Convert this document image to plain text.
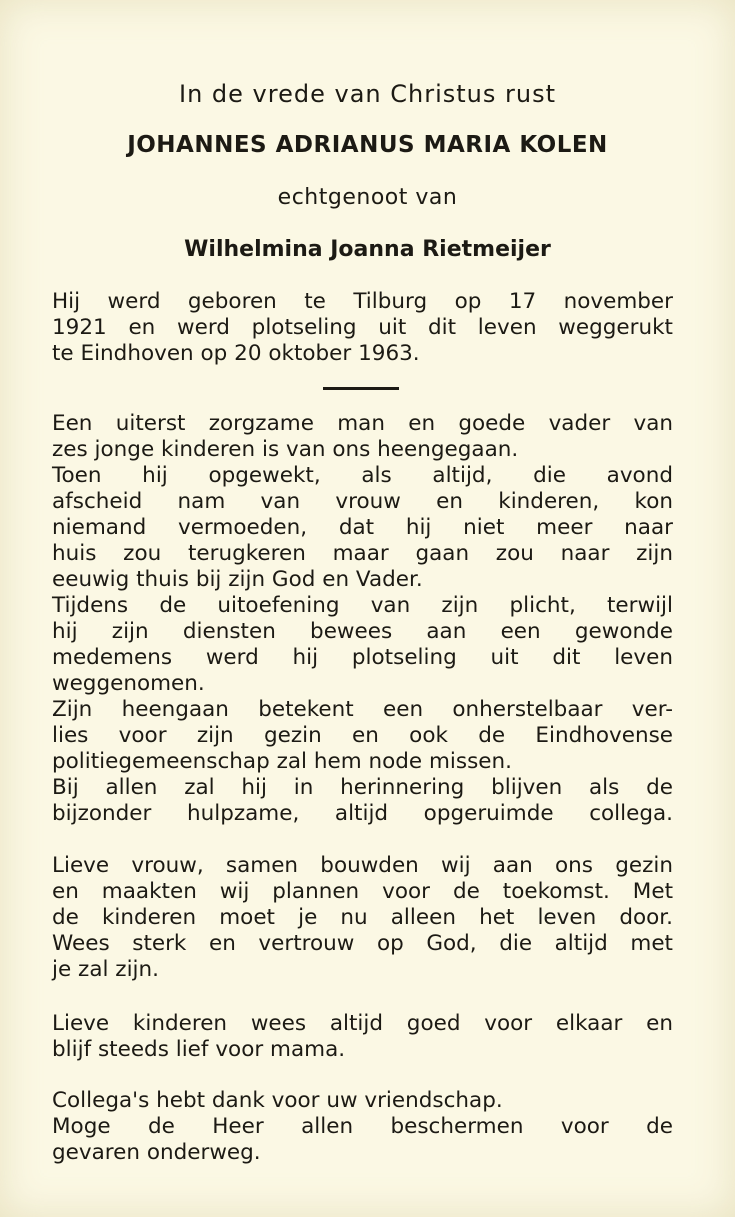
In de vrede van Christus rust
JOHANNES ADRIANUS MARIA KOLEN
echtgenoot van
Wilhelmina Joanna Rietmeijer
Hij werd geboren te Tilburg op 17 november
1921 en werd plotseling uit dit leven weggerukt
te Eindhoven op 20 oktober 1963.
Een uiterst zorgzame man en goede vader van
zes jonge kinderen is van ons heengegaan.
Toen hij opgewekt, als altijd, die avond
afscheid nam van vrouw en kinderen, kon
niemand vermoeden, dat hij niet meer naar
huis zou terugkeren maar gaan zou naar zijn
eeuwig thuis bij zijn God en Vader.
Tijdens de uitoefening van zijn plicht, terwijl
hij zijn diensten bewees aan een gewonde
medemens werd hij plotseling uit dit leven
weggenomen.
Zijn heengaan betekent een onherstelbaar ver-
lies voor zijn gezin en ook de Eindhovense
politiegemeenschap zal hem node missen.
Bij allen zal hij in herinnering blijven als de
bijzonder hulpzame, altijd opgeruimde collega.
Lieve vrouw, samen bouwden wij aan ons gezin
en maakten wij plannen voor de toekomst. Met
de kinderen moet je nu alleen het leven door.
Wees sterk en vertrouw op God, die altijd met
je zal zijn.
Lieve kinderen wees altijd goed voor elkaar en
blijf steeds lief voor mama.
Collega's hebt dank voor uw vriendschap.
Moge de Heer allen beschermen voor de
gevaren onderweg.
